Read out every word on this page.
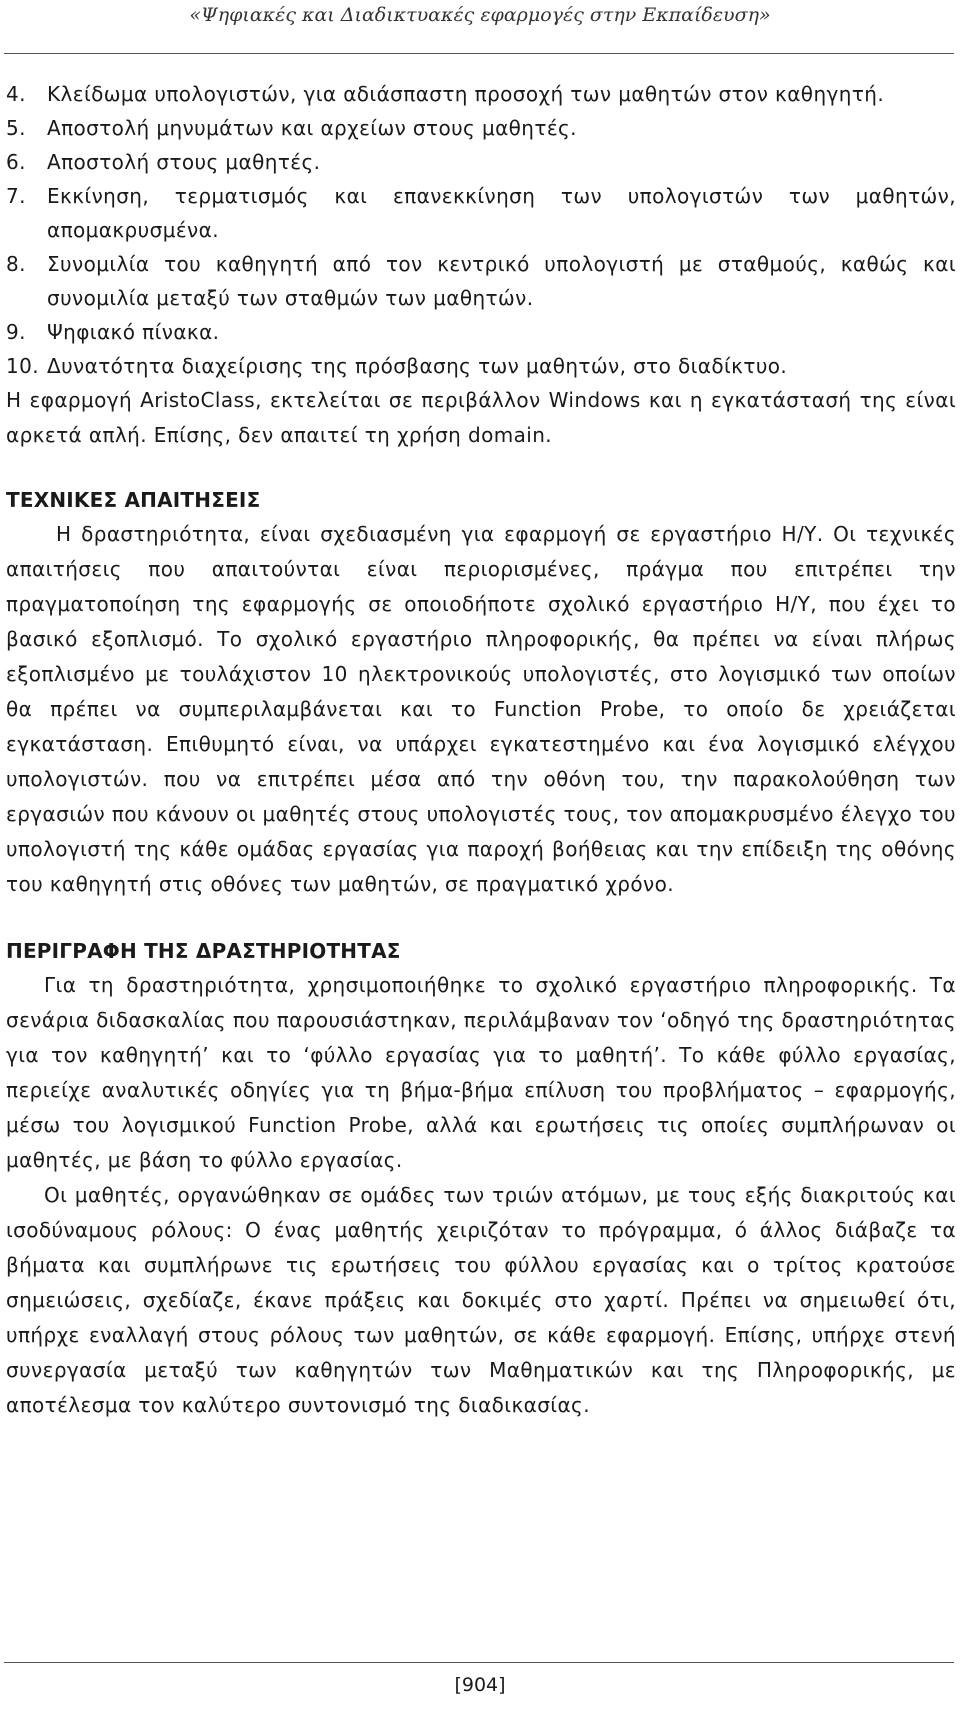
«Ψηφιακές και Διαδικτυακές εφαρμογές στην Εκπαίδευση»
4. Κλείδωμα υπολογιστών, για αδιάσπαστη προσοχή των μαθητών στον καθηγητή.
5. Αποστολή μηνυμάτων και αρχείων στους μαθητές.
6. Αποστολή στους μαθητές.
7. Εκκίνηση, τερματισμός και επανεκκίνηση των υπολογιστών των μαθητών, απομακρυσμένα.
8. Συνομιλία του καθηγητή από τον κεντρικό υπολογιστή με σταθμούς, καθώς και συνομιλία μεταξύ των σταθμών των μαθητών.
9. Ψηφιακό πίνακα.
10. Δυνατότητα διαχείρισης της πρόσβασης των μαθητών, στο διαδίκτυο.

Η εφαρμογή AristoClass, εκτελείται σε περιβάλλον Windows και η εγκατάστασή της είναι αρκετά απλή. Επίσης, δεν απαιτεί τη χρήση domain.

ΤΕΧΝΙΚΕΣ ΑΠΑΙΤΗΣΕΙΣ

Η δραστηριότητα, είναι σχεδιασμένη για εφαρμογή σε εργαστήριο Η/Υ. Οι τεχνικές απαιτήσεις που απαιτούνται είναι περιορισμένες, πράγμα που επιτρέπει την πραγματοποίηση της εφαρμογής σε οποιοδήποτε σχολικό εργαστήριο Η/Υ, που έχει το βασικό εξοπλισμό. Το σχολικό εργαστήριο πληροφορικής, θα πρέπει να είναι πλήρως εξοπλισμένο με τουλάχιστον 10 ηλεκτρονικούς υπολογιστές, στο λογισμικό των οποίων θα πρέπει να συμπεριλαμβάνεται και το Function Probe, το οποίο δε χρειάζεται εγκατάσταση. Επιθυμητό είναι, να υπάρχει εγκατεστημένο και ένα λογισμικό ελέγχου υπολογιστών. που να επιτρέπει μέσα από την οθόνη του, την παρακολούθηση των εργασιών που κάνουν οι μαθητές στους υπολογιστές τους, τον απομακρυσμένο έλεγχο του υπολογιστή της κάθε ομάδας εργασίας για παροχή βοήθειας και την επίδειξη της οθόνης του καθηγητή στις οθόνες των μαθητών, σε πραγματικό χρόνο.

ΠΕΡΙΓΡΑΦΗ ΤΗΣ ΔΡΑΣΤΗΡΙΟΤΗΤΑΣ

Για τη δραστηριότητα, χρησιμοποιήθηκε το σχολικό εργαστήριο πληροφορικής. Τα σενάρια διδασκαλίας που παρουσιάστηκαν, περιλάμβαναν τον ‘οδηγό της δραστηριότητας για τον καθηγητή’ και το ‘φύλλο εργασίας για το μαθητή’. Το κάθε φύλλο εργασίας, περιείχε αναλυτικές οδηγίες για τη βήμα-βήμα επίλυση του προβλήματος – εφαρμογής, μέσω του λογισμικού Function Probe, αλλά και ερωτήσεις τις οποίες συμπλήρωναν οι μαθητές, με βάση το φύλλο εργασίας.

Οι μαθητές, οργανώθηκαν σε ομάδες των τριών ατόμων, με τους εξής διακριτούς και ισοδύναμους ρόλους: Ο ένας μαθητής χειριζόταν το πρόγραμμα, ό άλλος διάβαζε τα βήματα και συμπλήρωνε τις ερωτήσεις του φύλλου εργασίας και ο τρίτος κρατούσε σημειώσεις, σχεδίαζε, έκανε πράξεις και δοκιμές στο χαρτί. Πρέπει να σημειωθεί ότι, υπήρχε εναλλαγή στους ρόλους των μαθητών, σε κάθε εφαρμογή. Επίσης, υπήρχε στενή συνεργασία μεταξύ των καθηγητών των Μαθηματικών και της Πληροφορικής, με αποτέλεσμα τον καλύτερο συντονισμό της διαδικασίας.

[904]
